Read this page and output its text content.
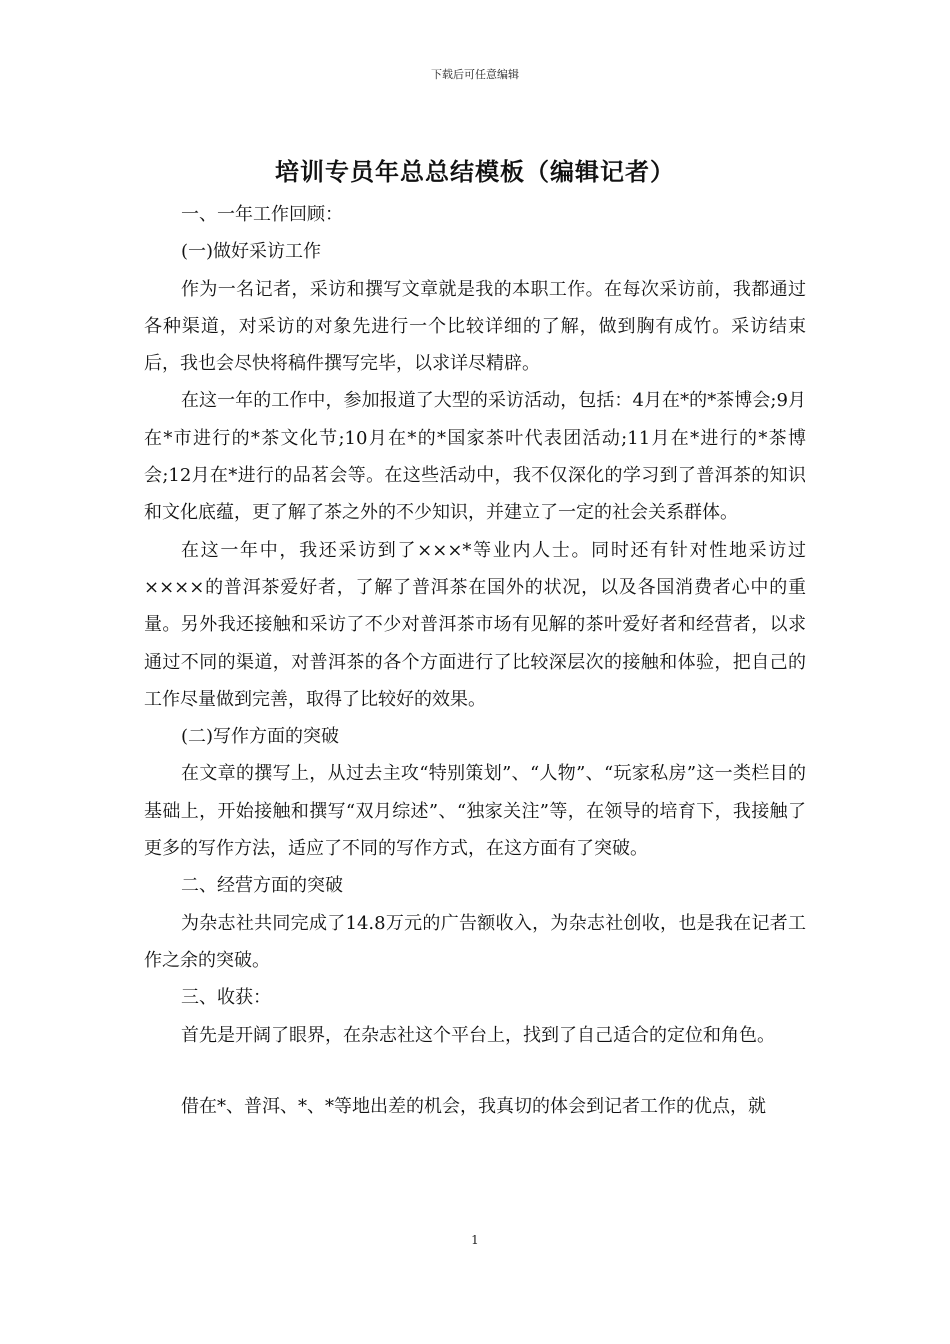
下载后可任意编辑
培训专员年总总结模板（编辑记者）

一、一年工作回顾：

(一)做好采访工作

作为一名记者，采访和撰写文章就是我的本职工作。在每次采访前，我都通过各种渠道，对采访的对象先进行一个比较详细的了解，做到胸有成竹。采访结束后，我也会尽快将稿件撰写完毕，以求详尽精辟。

在这一年的工作中，参加报道了大型的采访活动，包括：4月在*的*茶博会;9月在*市进行的*茶文化节;10月在*的*国家茶叶代表团活动;11月在*进行的*茶博会;12月在*进行的品茗会等。在这些活动中，我不仅深化的学习到了普洱茶的知识和文化底蕴，更了解了茶之外的不少知识，并建立了一定的社会关系群体。

在这一年中，我还采访到了×××*等业内人士。同时还有针对性地采访过××××的普洱茶爱好者，了解了普洱茶在国外的状况，以及各国消费者心中的重量。另外我还接触和采访了不少对普洱茶市场有见解的茶叶爱好者和经营者，以求通过不同的渠道，对普洱茶的各个方面进行了比较深层次的接触和体验，把自己的工作尽量做到完善，取得了比较好的效果。

(二)写作方面的突破

在文章的撰写上，从过去主攻“特别策划”、“人物”、“玩家私房”这一类栏目的基础上，开始接触和撰写“双月综述”、“独家关注”等，在领导的培育下，我接触了更多的写作方法，适应了不同的写作方式，在这方面有了突破。

二、经营方面的突破

为杂志社共同完成了14.8万元的广告额收入，为杂志社创收，也是我在记者工作之余的突破。

三、收获：

首先是开阔了眼界，在杂志社这个平台上，找到了自己适合的定位和角色。

借在*、普洱、*、*等地出差的机会，我真切的体会到记者工作的优点，就

1
